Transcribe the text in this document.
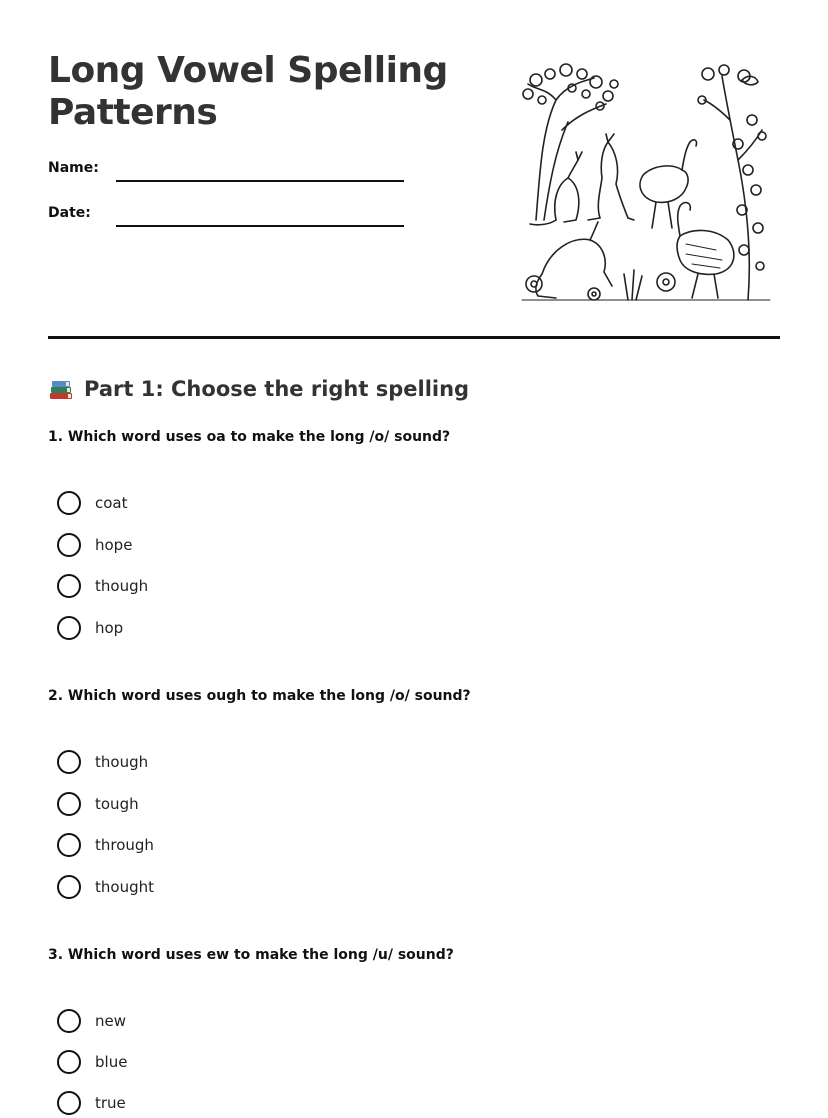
Long Vowel Spelling Patterns
Name:
Date:
Part 1: Choose the right spelling
1. Which word uses oa to make the long /o/ sound?
coat
hope
though
hop
2. Which word uses ough to make the long /o/ sound?
though
tough
through
thought
3. Which word uses ew to make the long /u/ sound?
new
blue
true
